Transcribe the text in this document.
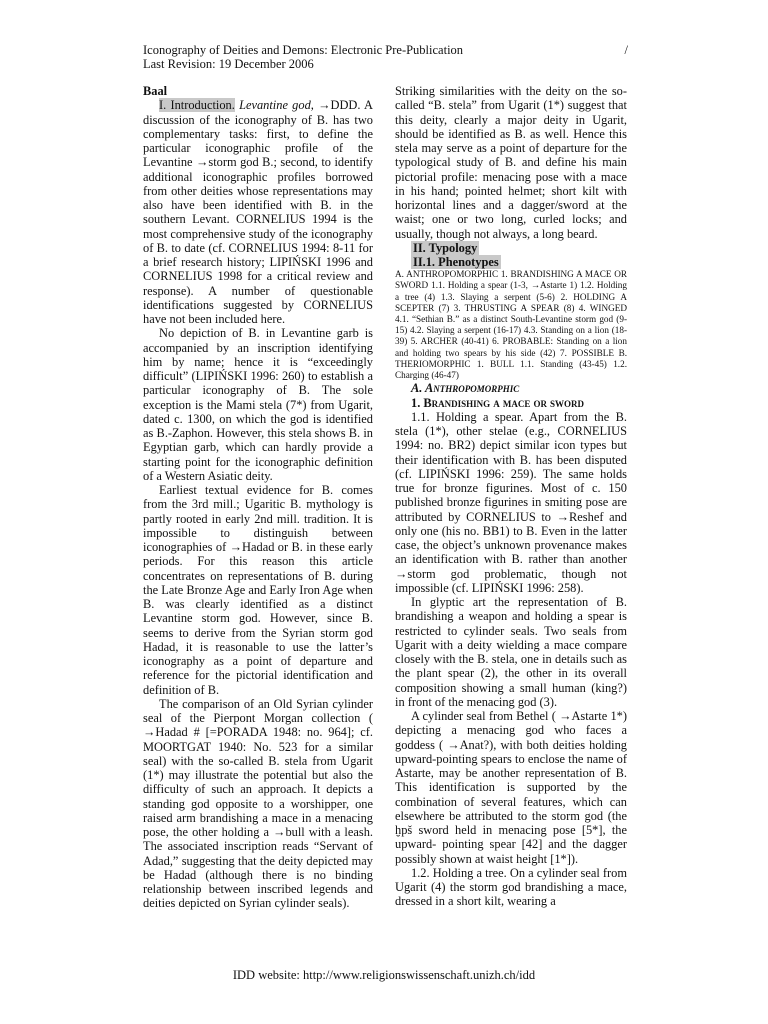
Iconography of Deities and Demons: Electronic Pre-Publication	/
Last Revision: 19 December 2006

Baal

I. Introduction. Levantine god, →DDD. A discussion of the iconography of B. has two complementary tasks: first, to define the particular iconographic profile of the Levantine →storm god B.; second, to identify additional iconographic profiles borrowed from other deities whose representations may also have been identified with B. in the southern Levant. CORNELIUS 1994 is the most comprehensive study of the iconography of B. to date (cf. CORNELIUS 1994: 8-11 for a brief research history; LIPIŃSKI 1996 and CORNELIUS 1998 for a critical review and response). A number of questionable identifications suggested by CORNELIUS have not been included here.

No depiction of B. in Levantine garb is accompanied by an inscription identifying him by name; hence it is “exceedingly difficult” (LIPIŃSKI 1996: 260) to establish a particular iconography of B. The sole exception is the Mami stela (7*) from Ugarit, dated c. 1300, on which the god is identified as B.-Zaphon. However, this stela shows B. in Egyptian garb, which can hardly provide a starting point for the iconographic definition of a Western Asiatic deity.

Earliest textual evidence for B. comes from the 3rd mill.; Ugaritic B. mythology is partly rooted in early 2nd mill. tradition. It is impossible to distinguish between iconographies of →Hadad or B. in these early periods. For this reason this article concentrates on representations of B. during the Late Bronze Age and Early Iron Age when B. was clearly identified as a distinct Levantine storm god. However, since B. seems to derive from the Syrian storm god Hadad, it is reasonable to use the latter’s iconography as a point of departure and reference for the pictorial identification and definition of B.

The comparison of an Old Syrian cylinder seal of the Pierpont Morgan collection ( →Hadad # [=PORADA 1948: no. 964]; cf. MOORTGAT 1940: No. 523 for a similar seal) with the so-called B. stela from Ugarit (1*) may illustrate the potential but also the difficulty of such an approach. It depicts a standing god opposite to a worshipper, one raised arm brandishing a mace in a menacing pose, the other holding a →bull with a leash. The associated inscription reads “Servant of Adad,” suggesting that the deity depicted may be Hadad (although there is no binding relationship between inscribed legends and deities depicted on Syrian cylinder seals).

Striking similarities with the deity on the so-called “B. stela” from Ugarit (1*) suggest that this deity, clearly a major deity in Ugarit, should be identified as B. as well. Hence this stela may serve as a point of departure for the typological study of B. and define his main pictorial profile: menacing pose with a mace in his hand; pointed helmet; short kilt with horizontal lines and a dagger/sword at the waist; one or two long, curled locks; and usually, though not always, a long beard.

II. Typology

II.1. Phenotypes

A. ANTHROPOMORPHIC 1. BRANDISHING A MACE OR SWORD 1.1. Holding a spear (1-3, →Astarte 1) 1.2. Holding a tree (4) 1.3. Slaying a serpent (5-6) 2. HOLDING A SCEPTER (7) 3. THRUSTING A SPEAR (8) 4. WINGED 4.1. “Sethian B.” as a distinct South-Levantine storm god (9-15) 4.2. Slaying a serpent (16-17) 4.3. Standing on a lion (18-39) 5. ARCHER (40-41) 6. PROBABLE: Standing on a lion and holding two spears by his side (42) 7. POSSIBLE B. THERIOMORPHIC 1. BULL 1.1. Standing (43-45) 1.2. Charging (46-47)

A. Anthropomorphic

1. Brandishing a mace or sword

1.1. Holding a spear. Apart from the B. stela (1*), other stelae (e.g., CORNELIUS 1994: no. BR2) depict similar icon types but their identification with B. has been disputed (cf. LIPIŃSKI 1996: 259). The same holds true for bronze figurines. Most of c. 150 published bronze figurines in smiting pose are attributed by CORNELIUS to →Reshef and only one (his no. BB1) to B. Even in the latter case, the object’s unknown provenance makes an identification with B. rather than another →storm god problematic, though not impossible (cf. LIPIŃSKI 1996: 258).

In glyptic art the representation of B. brandishing a weapon and holding a spear is restricted to cylinder seals. Two seals from Ugarit with a deity wielding a mace compare closely with the B. stela, one in details such as the plant spear (2), the other in its overall composition showing a small human (king?) in front of the menacing god (3).

A cylinder seal from Bethel ( →Astarte 1*) depicting a menacing god who faces a goddess ( →Anat?), with both deities holding upward-pointing spears to enclose the name of Astarte, may be another representation of B. This identification is supported by the combination of several features, which can elsewhere be attributed to the storm god (the ḫpš sword held in menacing pose [5*], the upward- pointing spear [42] and the dagger possibly shown at waist height [1*]).

1.2. Holding a tree. On a cylinder seal from Ugarit (4) the storm god brandishing a mace, dressed in a short kilt, wearing a

IDD website: http://www.religionswissenschaft.unizh.ch/idd
